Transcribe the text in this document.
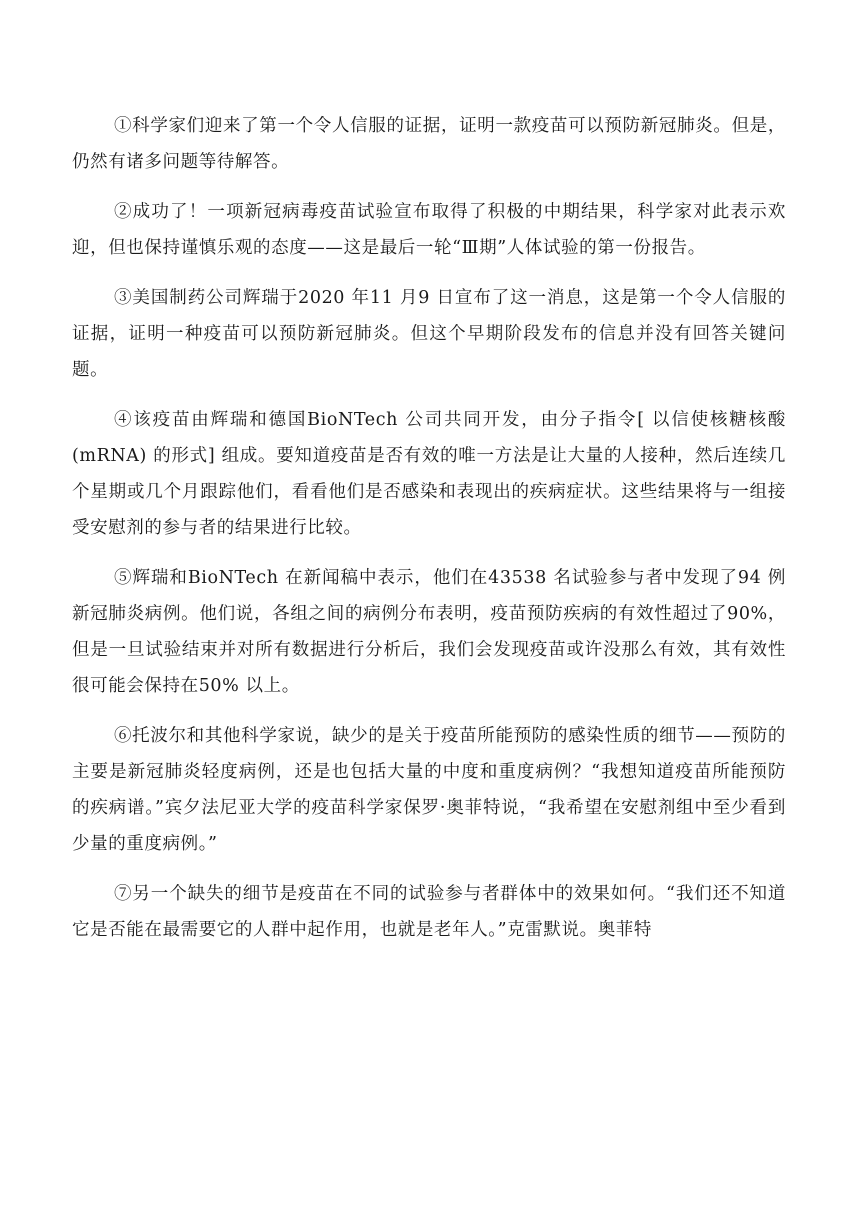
①科学家们迎来了第一个令人信服的证据，证明一款疫苗可以预防新冠肺炎。但是，仍然有诸多问题等待解答。

②成功了！一项新冠病毒疫苗试验宣布取得了积极的中期结果，科学家对此表示欢迎，但也保持谨慎乐观的态度——这是最后一轮“Ⅲ期”人体试验的第一份报告。

③美国制药公司辉瑞于2020 年11 月9 日宣布了这一消息，这是第一个令人信服的证据，证明一种疫苗可以预防新冠肺炎。但这个早期阶段发布的信息并没有回答关键问题。

④该疫苗由辉瑞和德国BioNTech 公司共同开发，由分子指令[ 以信使核糖核酸(mRNA) 的形式] 组成。要知道疫苗是否有效的唯一方法是让大量的人接种，然后连续几个星期或几个月跟踪他们，看看他们是否感染和表现出的疾病症状。这些结果将与一组接受安慰剂的参与者的结果进行比较。

⑤辉瑞和BioNTech 在新闻稿中表示，他们在43538 名试验参与者中发现了94 例新冠肺炎病例。他们说，各组之间的病例分布表明，疫苗预防疾病的有效性超过了90%，但是一旦试验结束并对所有数据进行分析后，我们会发现疫苗或许没那么有效，其有效性很可能会保持在50% 以上。

⑥托波尔和其他科学家说，缺少的是关于疫苗所能预防的感染性质的细节——预防的主要是新冠肺炎轻度病例，还是也包括大量的中度和重度病例？“我想知道疫苗所能预防的疾病谱。”宾夕法尼亚大学的疫苗科学家保罗·奥菲特说，“我希望在安慰剂组中至少看到少量的重度病例。”

⑦另一个缺失的细节是疫苗在不同的试验参与者群体中的效果如何。“我们还不知道它是否能在最需要它的人群中起作用，也就是老年人。”克雷默说。奥菲特
